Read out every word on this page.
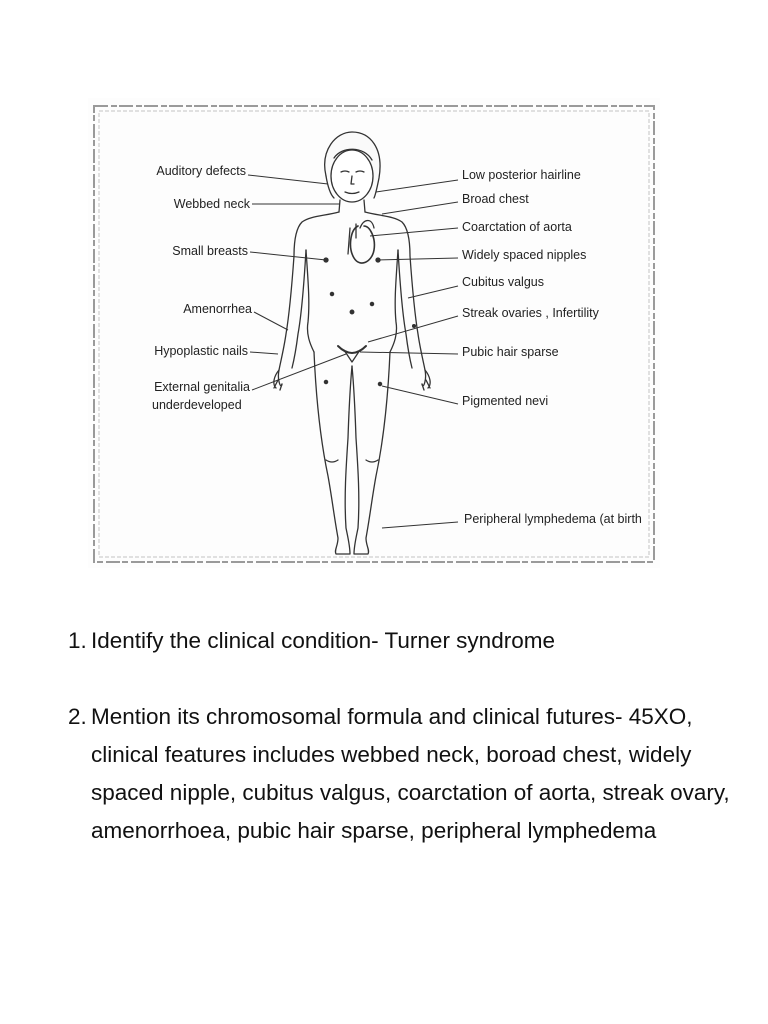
Auditory defects
Webbed neck
Small breasts
Amenorrhea
Hypoplastic nails
External genitalia
underdeveloped
Low posterior hairline
Broad chest
Coarctation of aorta
Widely spaced nipples
Cubitus valgus
Streak ovaries , Infertility
Pubic hair sparse
Pigmented nevi
Peripheral lymphedema (at birth
1. Identify the clinical condition- Turner syndrome
2. Mention its chromosomal formula and clinical futures- 45XO, clinical features includes webbed neck, boroad chest, widely spaced nipple, cubitus valgus, coarctation of aorta, streak ovary, amenorrhoea, pubic hair sparse, peripheral lymphedema
